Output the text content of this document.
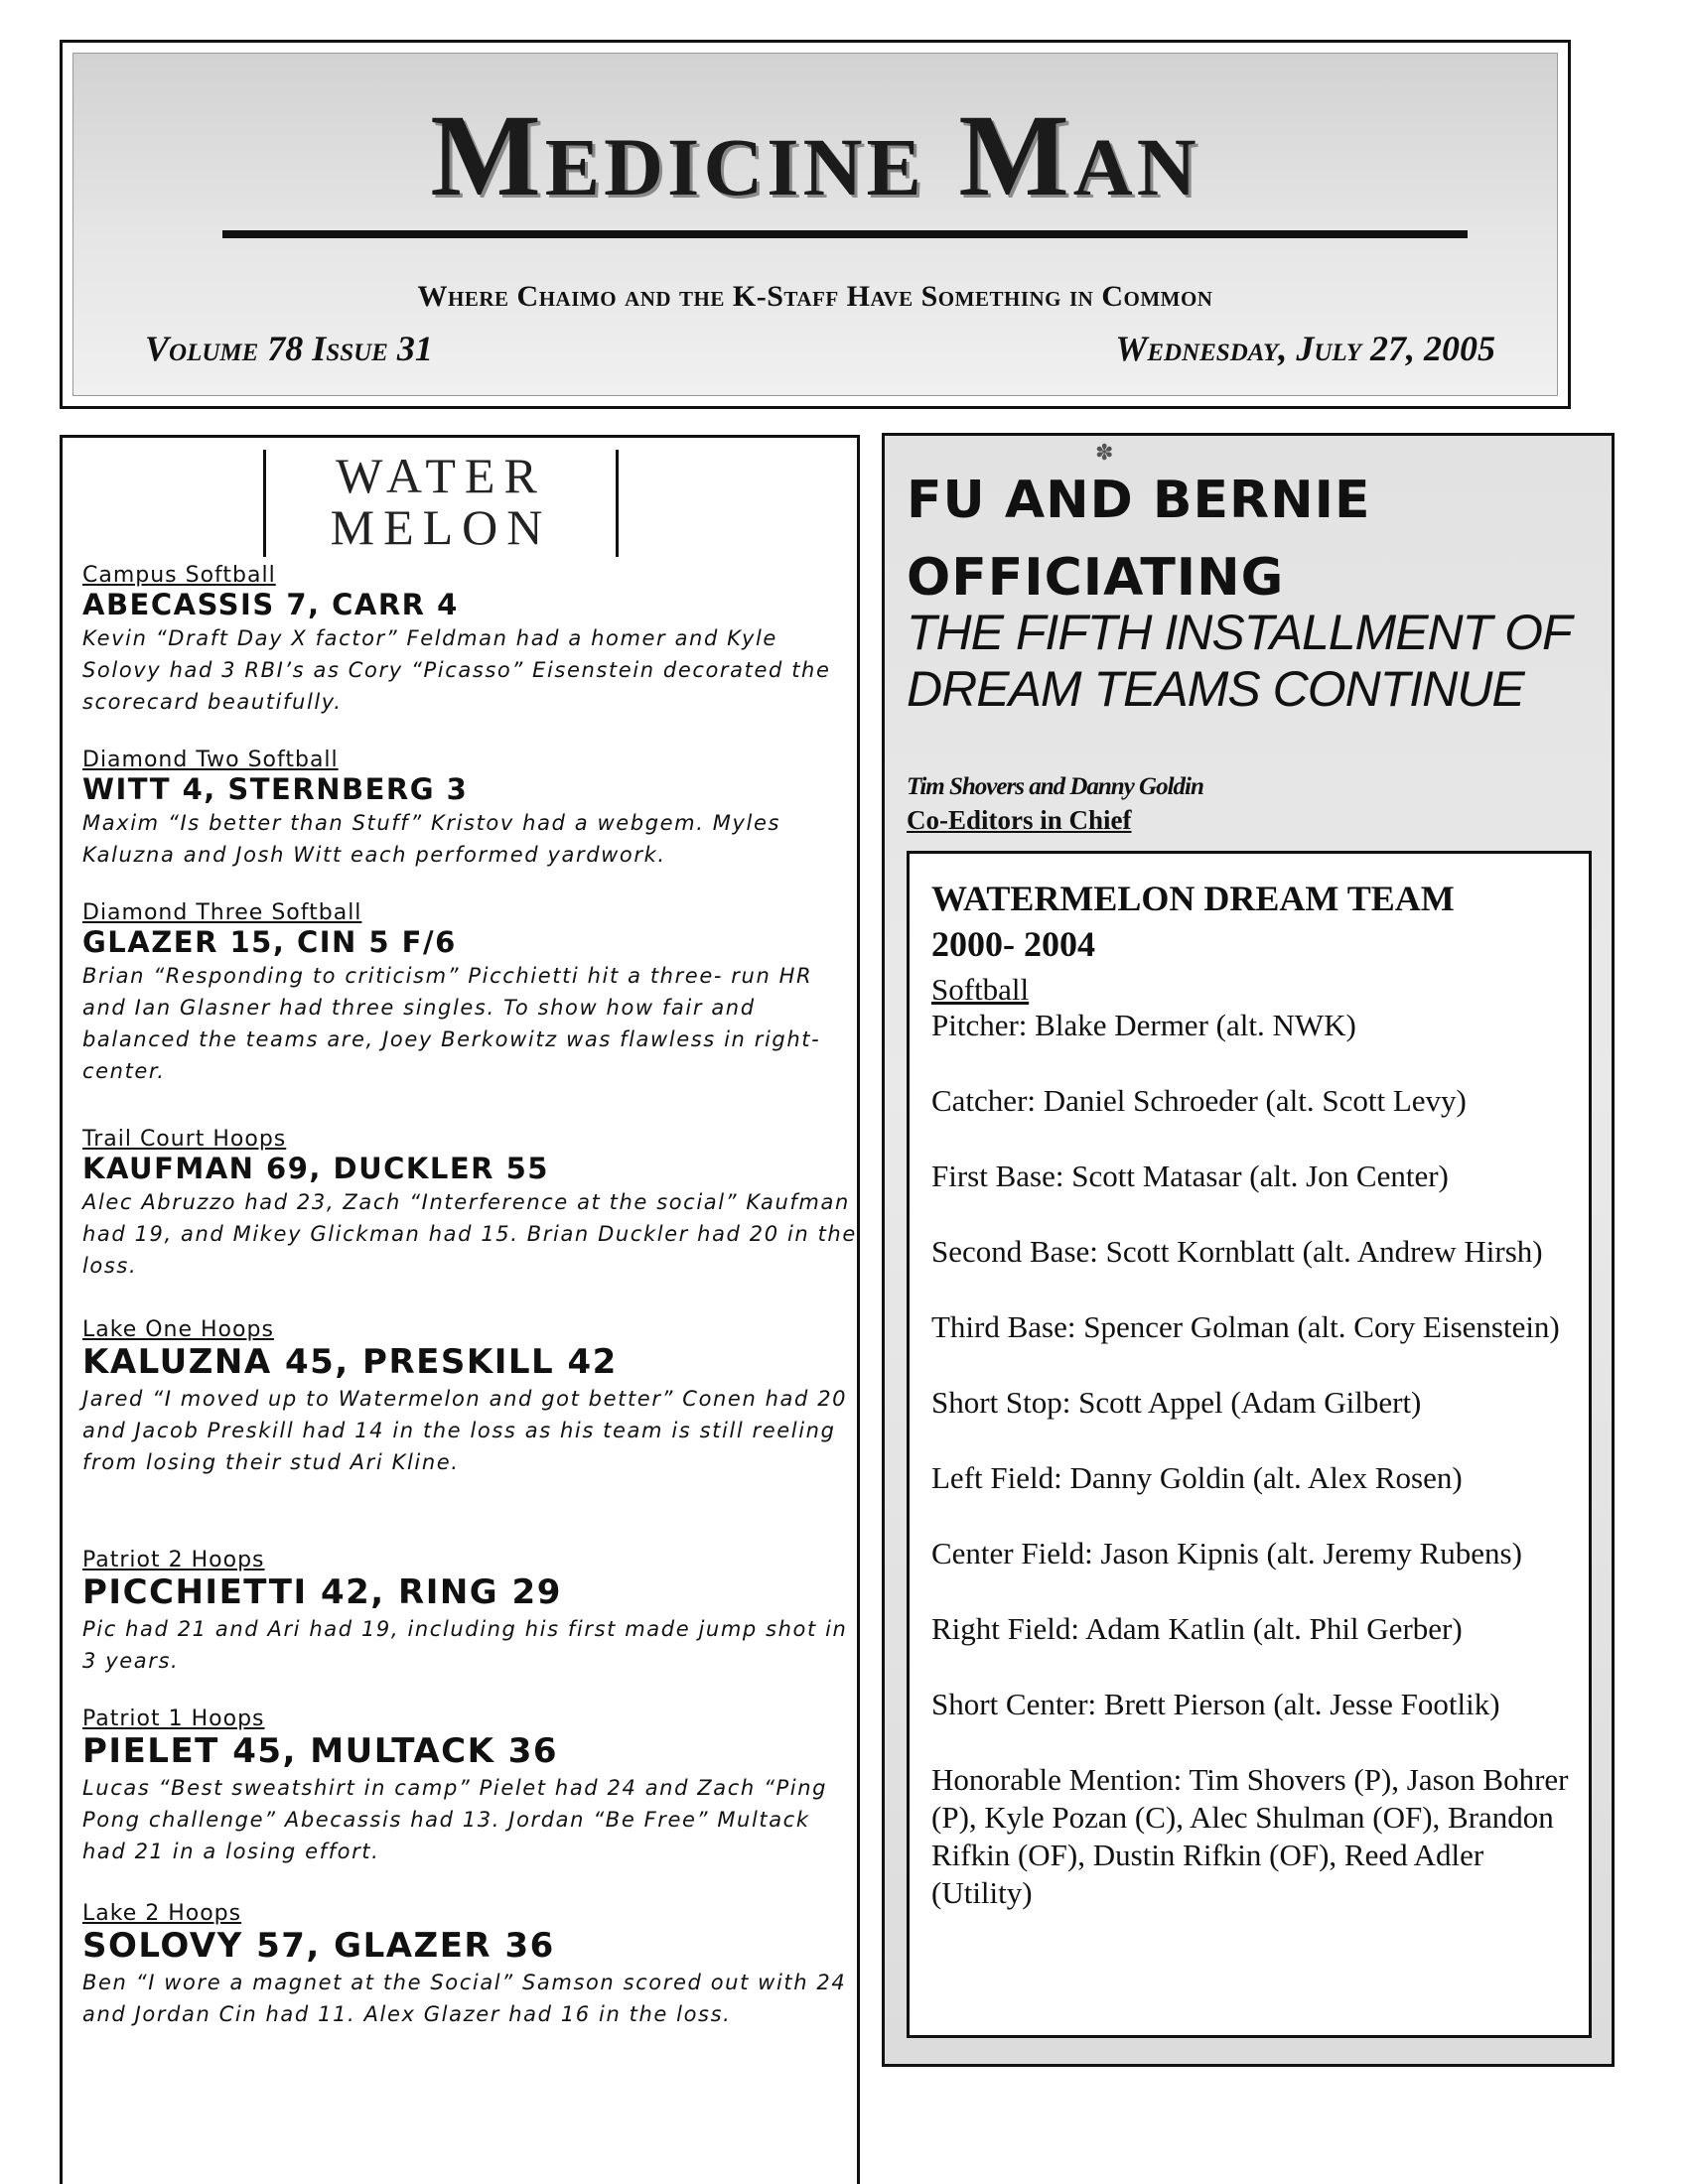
Medicine Man
Where Chaimo and the K-Staff Have Something in Common
Volume 78 Issue 31	Wednesday, July 27, 2005
WATER
MELON
Campus Softball
ABECASSIS 7, CARR 4
Kevin “Draft Day X factor” Feldman had a homer and Kyle Solovy had 3 RBI’s as Cory “Picasso” Eisenstein decorated the scorecard beautifully.
Diamond Two Softball
WITT 4, STERNBERG 3
Maxim “Is better than Stuff” Kristov had a webgem. Myles Kaluzna and Josh Witt each performed yardwork.
Diamond Three Softball
GLAZER 15, CIN 5 F/6
Brian “Responding to criticism” Picchietti hit a three- run HR and Ian Glasner had three singles. To show how fair and balanced the teams are, Joey Berkowitz was flawless in right- center.
Trail Court Hoops
KAUFMAN 69, DUCKLER 55
Alec Abruzzo had 23, Zach “Interference at the social” Kaufman had 19, and Mikey Glickman had 15. Brian Duckler had 20 in the loss.
Lake One Hoops
KALUZNA 45, PRESKILL 42
Jared “I moved up to Watermelon and got better” Conen had 20 and Jacob Preskill had 14 in the loss as his team is still reeling from losing their stud Ari Kline.
Patriot 2 Hoops
PICCHIETTI 42, RING 29
Pic had 21 and Ari had 19, including his first made jump shot in 3 years.
Patriot 1 Hoops
PIELET 45, MULTACK 36
Lucas “Best sweatshirt in camp” Pielet had 24 and Zach “Ping Pong challenge” Abecassis had 13. Jordan “Be Free” Multack had 21 in a losing effort.
Lake 2 Hoops
SOLOVY 57, GLAZER 36
Ben “I wore a magnet at the Social” Samson scored out with 24 and Jordan Cin had 11. Alex Glazer had 16 in the loss.
✽
FU AND BERNIE OFFICIATING
THE FIFTH INSTALLMENT OF DREAM TEAMS CONTINUE
Tim Shovers and Danny Goldin
Co-Editors in Chief
WATERMELON DREAM TEAM
2000- 2004
Softball
Pitcher: Blake Dermer (alt. NWK)
Catcher: Daniel Schroeder (alt. Scott Levy)
First Base: Scott Matasar (alt. Jon Center)
Second Base: Scott Kornblatt (alt. Andrew Hirsh)
Third Base: Spencer Golman (alt. Cory Eisenstein)
Short Stop: Scott Appel (Adam Gilbert)
Left Field: Danny Goldin (alt. Alex Rosen)
Center Field: Jason Kipnis (alt. Jeremy Rubens)
Right Field: Adam Katlin (alt. Phil Gerber)
Short Center: Brett Pierson (alt. Jesse Footlik)
Honorable Mention: Tim Shovers (P), Jason Bohrer (P), Kyle Pozan (C), Alec Shulman (OF), Brandon Rifkin (OF), Dustin Rifkin (OF), Reed Adler (Utility)
